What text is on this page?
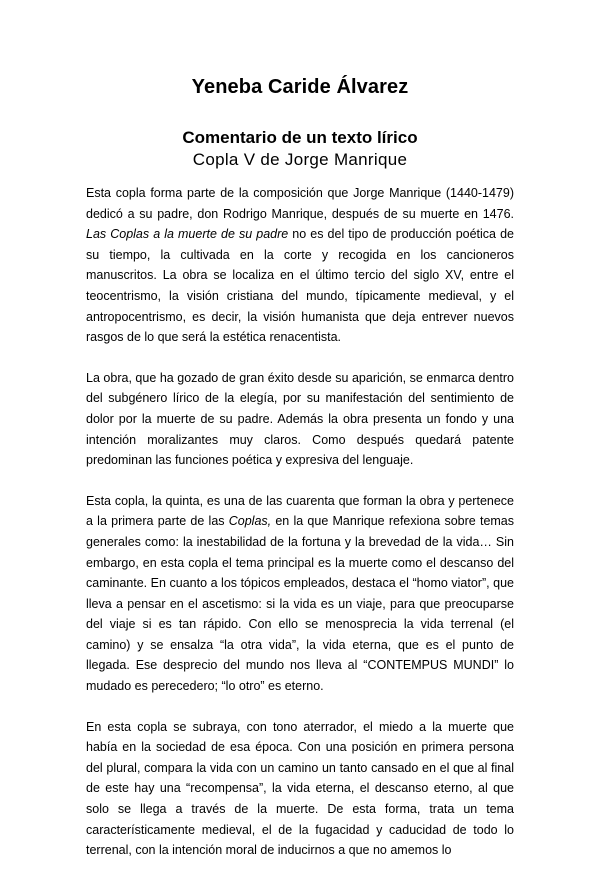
Yeneba Caride Álvarez
Comentario de un texto lírico
Copla V de Jorge Manrique

Esta copla forma parte de la composición que Jorge Manrique (1440-1479) dedicó a su padre, don Rodrigo Manrique, después de su muerte en 1476. Las Coplas a la muerte de su padre no es del tipo de producción poética de su tiempo, la cultivada en la corte y recogida en los cancioneros manuscritos. La obra se localiza en el último tercio del siglo XV, entre el teocentrismo, la visión cristiana del mundo, típicamente medieval, y el antropocentrismo, es decir, la visión humanista que deja entrever nuevos rasgos de lo que será la estética renacentista.

La obra, que ha gozado de gran éxito desde su aparición, se enmarca dentro del subgénero lírico de la elegía, por su manifestación del sentimiento de dolor por la muerte de su padre. Además la obra presenta un fondo y una intención moralizantes muy claros. Como después quedará patente predominan las funciones poética y expresiva del lenguaje.

Esta copla, la quinta, es una de las cuarenta que forman la obra y pertenece a la primera parte de las Coplas, en la que Manrique refexiona sobre temas generales como: la inestabilidad de la fortuna y la brevedad de la vida… Sin embargo, en esta copla el tema principal es la muerte como el descanso del caminante. En cuanto a los tópicos empleados, destaca el “homo viator”, que lleva a pensar en el ascetismo: si la vida es un viaje, para que preocuparse del viaje si es tan rápido. Con ello se menosprecia la vida terrenal (el camino) y se ensalza “la otra vida”, la vida eterna, que es el punto de llegada. Ese desprecio del mundo nos lleva al “CONTEMPUS MUNDI” lo mudado es perecedero; “lo otro” es eterno.

En esta copla se subraya, con tono aterrador, el miedo a la muerte que había en la sociedad de esa época. Con una posición en primera persona del plural, compara la vida con un camino un tanto cansado en el que al final de este hay una “recompensa”, la vida eterna, el descanso eterno, al que solo se llega a través de la muerte. De esta forma, trata un tema característicamente medieval, el de la fugacidad y caducidad de todo lo terrenal, con la intención moral de inducirnos a que no amemos lo
